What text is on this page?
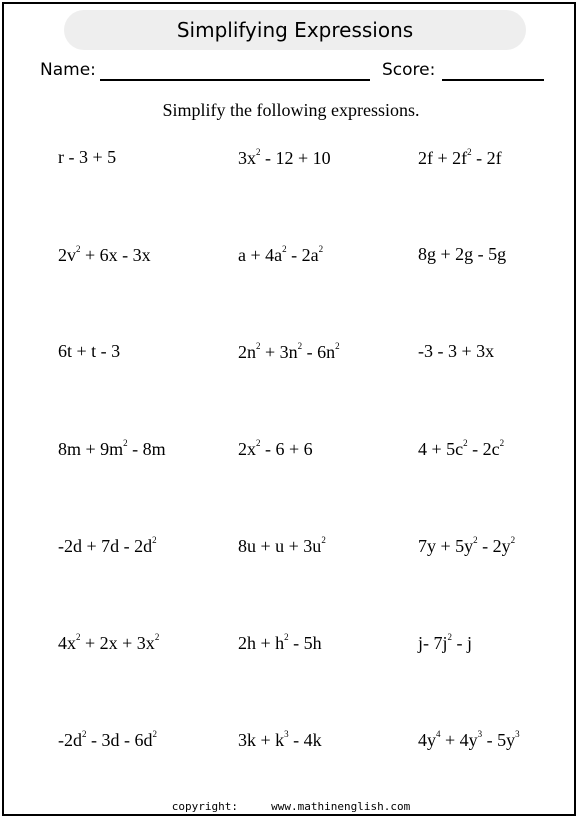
Simplifying Expressions
Name:	Score:
Simplify the following expressions.
r - 3 + 5	$3x^2 - 12 + 10$	$2f + 2f^2 - 2f$
$2v^2 + 6x - 3x$	$a + 4a^2 - 2a^2$	8g + 2g - 5g
6t + t - 3	$2n^2 + 3n^2 - 6n^2$	-3 - 3 + 3x
$8m + 9m^2 - 8m$	$2x^2 - 6 + 6$	$4 + 5c^2 - 2c^2$
$-2d + 7d - 2d^2$	$8u + u + 3u^2$	$7y + 5y^2 - 2y^2$
$4x^2 + 2x + 3x^2$	$2h + h^2 - 5h$	j- $7j^2$ - j
$-2d^2 - 3d - 6d^2$	$3k + k^3 - 4k$	$4y^4 + 4y^3 - 5y^3$
copyright:	www.mathinenglish.com
